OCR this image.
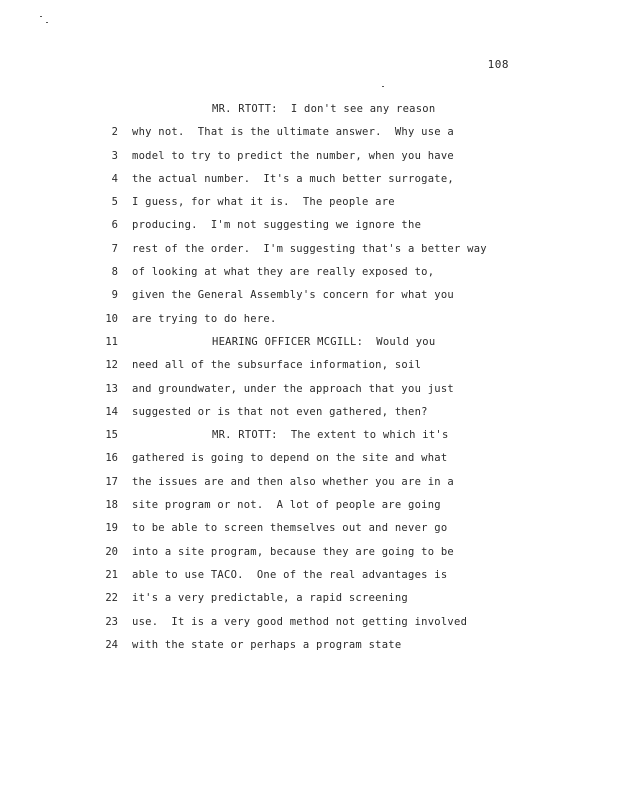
108
MR. RTOTT:  I don't see any reason
2 why not.  That is the ultimate answer.  Why use a
3 model to try to predict the number, when you have
4 the actual number.  It's a much better surrogate,
5 I guess, for what it is.  The people are
6 producing.  I'm not suggesting we ignore the
7 rest of the order.  I'm suggesting that's a better way
8 of looking at what they are really exposed to,
9 given the General Assembly's concern for what you
10 are trying to do here.
11	HEARING OFFICER MCGILL:  Would you
12 need all of the subsurface information, soil
13 and groundwater, under the approach that you just
14 suggested or is that not even gathered, then?
15	MR. RTOTT:  The extent to which it's
16 gathered is going to depend on the site and what
17 the issues are and then also whether you are in a
18 site program or not.  A lot of people are going
19 to be able to screen themselves out and never go
20 into a site program, because they are going to be
21 able to use TACO.  One of the real advantages is
22 it's a very predictable, a rapid screening
23 use.  It is a very good method not getting involved
24 with the state or perhaps a program state
